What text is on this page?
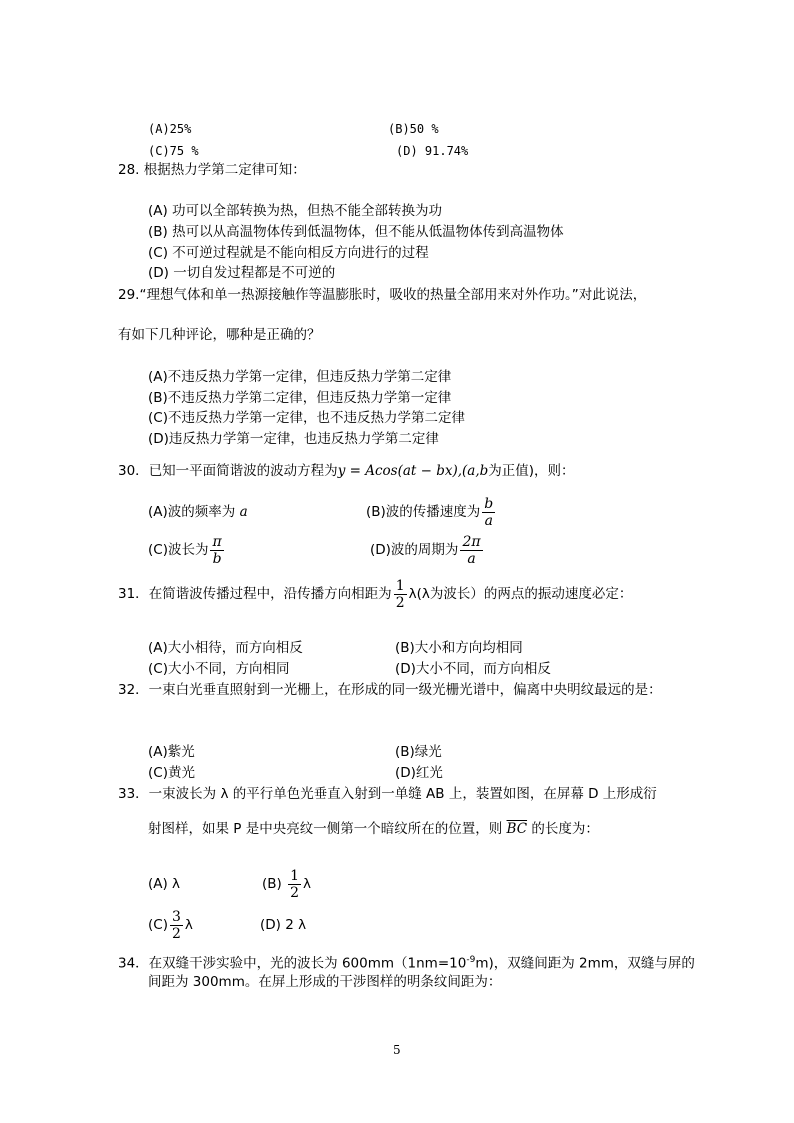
(A)25%	(B)50 %
(C)75 %	(D) 91.74%
28. 根据热力学第二定律可知：
(A) 功可以全部转换为热，但热不能全部转换为功
(B) 热可以从高温物体传到低温物体，但不能从低温物体传到高温物体
(C) 不可逆过程就是不能向相反方向进行的过程
(D) 一切自发过程都是不可逆的
29.“理想气体和单一热源接触作等温膨胀时，吸收的热量全部用来对外作功。”对此说法，
有如下几种评论，哪种是正确的？
(A)不违反热力学第一定律，但违反热力学第二定律
(B)不违反热力学第二定律，但违反热力学第一定律
(C)不违反热力学第一定律，也不违反热力学第二定律
(D)违反热力学第一定律，也违反热力学第二定律
30．已知一平面简谐波的波动方程为y = Acos(at − bx),(a,b为正值)，则：
(A)波的频率为 a	(B)波的传播速度为 $\frac{b}{a}$
(C)波长为 $\frac{\pi}{b}$	(D)波的周期为 $\frac{2\pi}{a}$
31．在简谐波传播过程中，沿传播方向相距为 $\frac{1}{2} \lambda(\lambda$为波长）的两点的振动速度必定：
(A)大小相待，而方向相反	(B)大小和方向均相同
(C)大小不同，方向相同	(D)大小不同，而方向相反
32．一束白光垂直照射到一光栅上，在形成的同一级光栅光谱中，偏离中央明纹最远的是：
(A)紫光	(B)绿光
(C)黄光	(D)红光
33．一束波长为 λ 的平行单色光垂直入射到一单缝 AB 上，装置如图，在屏幕 D 上形成衍
射图样，如果 P 是中央亮纹一侧第一个暗纹所在的位置，则 $\overline{BC}$ 的长度为：
(A) λ	$(B) \frac{1}{2}$ λ
$(C) \frac{3}{2}$ λ	(D) 2 λ
34．在双缝干涉实验中，光的波长为 $600mm(1nm=10^{-9}m)$，双缝间距为 2mm，双缝与屏的
间距为 300mm。在屏上形成的干涉图样的明条纹间距为：
5
